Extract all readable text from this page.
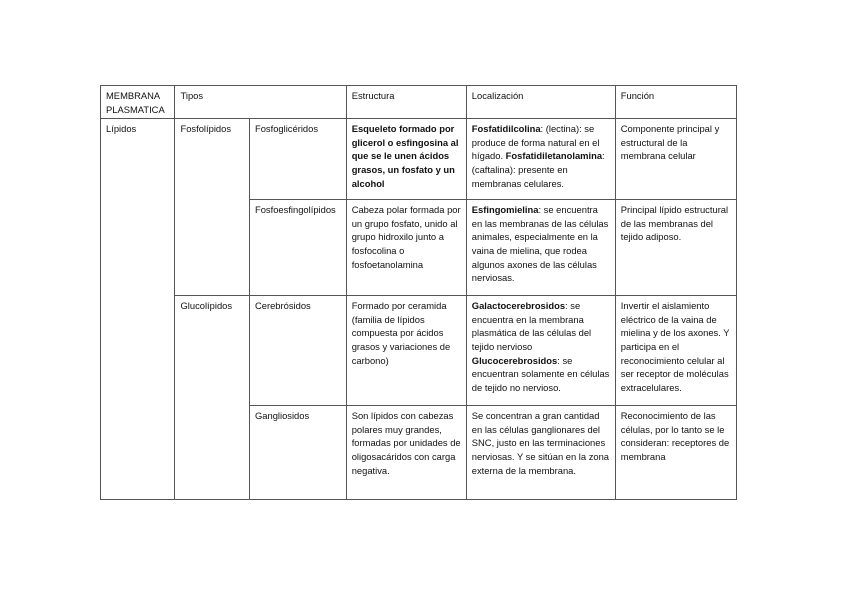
MEMBRANA
PLASMATICA	Tipos		Estructura	Localización	Función
Lípidos	Fosfolípidos	Fosfoglicéridos	Esqueleto formado por glicerol o esfingosina al que se le unen ácidos grasos, un fosfato y un alcohol	Fosfatidilcolina: (lectina): se produce de forma natural en el hígado. Fosfatidiletanolamina: (caftalina): presente en membranas celulares.	Componente principal y estructural de la membrana celular
		Fosfoesfingolípidos	Cabeza polar formada por un grupo fosfato, unido al grupo hidroxilo junto a fosfocolina o fosfoetanolamina	Esfingomielina: se encuentra en las membranas de las células animales, especialmente en la vaina de mielina, que rodea algunos axones de las células nerviosas.	Principal lípido estructural de las membranas del tejido adiposo.
	Glucolípidos	Cerebrósidos	Formado por ceramida (familia de lípidos compuesta por ácidos grasos y variaciones de carbono)	Galactocerebrosidos: se encuentra en la membrana plasmática de las células del tejido nervioso Glucocerebrosidos: se encuentran solamente en células de tejido no nervioso.	Invertir el aislamiento eléctrico de la vaina de mielina y de los axones. Y participa en el reconocimiento celular al ser receptor de moléculas extracelulares.
		Gangliosidos	Son lípidos con cabezas polares muy grandes, formadas por unidades de oligosacáridos con carga negativa.	Se concentran a gran cantidad en las células ganglionares del SNC, justo en las terminaciones nerviosas. Y se sitúan en la zona externa de la membrana.	Reconocimiento de las células, por lo tanto se le consideran: receptores de membrana
